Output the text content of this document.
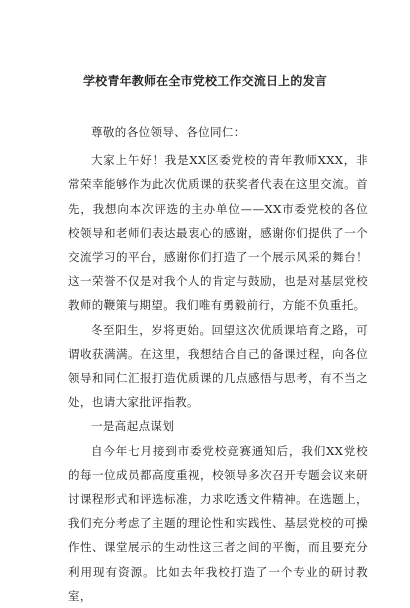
学校青年教师在全市党校工作交流日上的发言

尊敬的各位领导、各位同仁：

大家上午好！我是XX区委党校的青年教师XXX，非常荣幸能够作为此次优质课的获奖者代表在这里交流。首先，我想向本次评选的主办单位——XX市委党校的各位校领导和老师们表达最衷心的感谢，感谢你们提供了一个交流学习的平台，感谢你们打造了一个展示风采的舞台！这一荣誉不仅是对我个人的肯定与鼓励，也是对基层党校教师的鞭策与期望。我们唯有勇毅前行，方能不负重托。

冬至阳生，岁将更始。回望这次优质课培育之路，可谓收获满满。在这里，我想结合自己的备课过程，向各位领导和同仁汇报打造优质课的几点感悟与思考，有不当之处，也请大家批评指教。

一是高起点谋划

自今年七月接到市委党校竞赛通知后，我们XX党校的每一位成员都高度重视，校领导多次召开专题会议来研讨课程形式和评选标准，力求吃透文件精神。在选题上，我们充分考虑了主题的理论性和实践性、基层党校的可操作性、课堂展示的生动性这三者之间的平衡，而且要充分利用现有资源。比如去年我校打造了一个专业的研讨教室，
